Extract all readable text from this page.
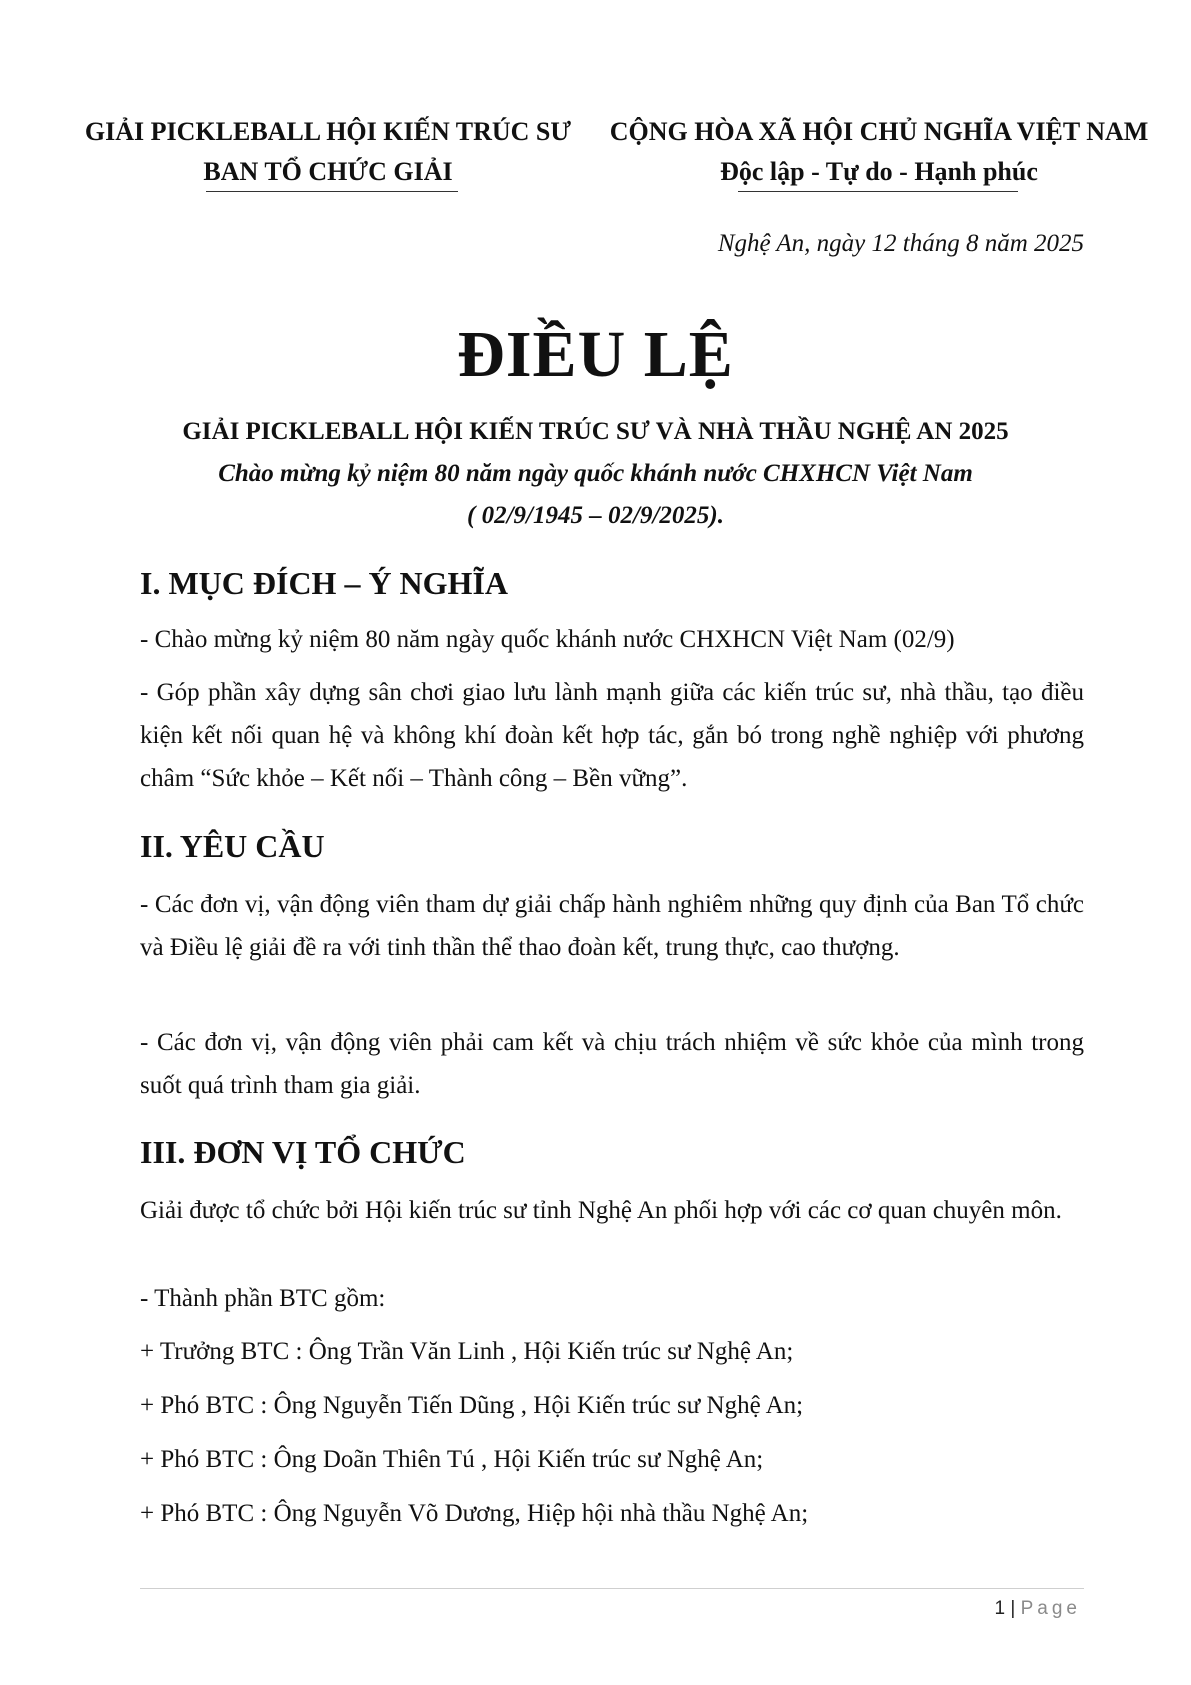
GIẢI PICKLEBALL HỘI KIẾN TRÚC SƯ
BAN TỔ CHỨC GIẢI
CỘNG HÒA XÃ HỘI CHỦ NGHĨA VIỆT NAM
Độc lập - Tự do - Hạnh phúc
Nghệ An, ngày 12 tháng 8 năm 2025
ĐIỀU LỆ
GIẢI PICKLEBALL HỘI KIẾN TRÚC SƯ VÀ NHÀ THẦU NGHỆ AN 2025
Chào mừng kỷ niệm 80 năm ngày quốc khánh nước CHXHCN Việt Nam
( 02/9/1945 – 02/9/2025).
I. MỤC ĐÍCH – Ý NGHĨA
- Chào mừng kỷ niệm 80 năm ngày quốc khánh nước CHXHCN Việt Nam (02/9)
- Góp phần xây dựng sân chơi giao lưu lành mạnh giữa các kiến trúc sư, nhà thầu, tạo điều kiện kết nối quan hệ và không khí đoàn kết hợp tác, gắn bó trong nghề nghiệp với phương châm “Sức khỏe – Kết nối – Thành công – Bền vững”.
II. YÊU CẦU
- Các đơn vị, vận động viên tham dự giải chấp hành nghiêm những quy định của Ban Tổ chức và Điều lệ giải đề ra với tinh thần thể thao đoàn kết, trung thực, cao thượng.
- Các đơn vị, vận động viên phải cam kết và chịu trách nhiệm về sức khỏe của mình trong suốt quá trình tham gia giải.
III. ĐƠN VỊ TỔ CHỨC
Giải được tổ chức bởi Hội kiến trúc sư tỉnh Nghệ An phối hợp với các cơ quan chuyên môn.
- Thành phần BTC gồm:
+ Trưởng BTC : Ông Trần Văn Linh , Hội Kiến trúc sư Nghệ An;
+ Phó BTC : Ông Nguyễn Tiến Dũng , Hội Kiến trúc sư Nghệ An;
+ Phó BTC : Ông Doãn Thiên Tú , Hội Kiến trúc sư Nghệ An;
+ Phó BTC : Ông Nguyễn Võ Dương, Hiệp hội nhà thầu Nghệ An;
1 | Page
